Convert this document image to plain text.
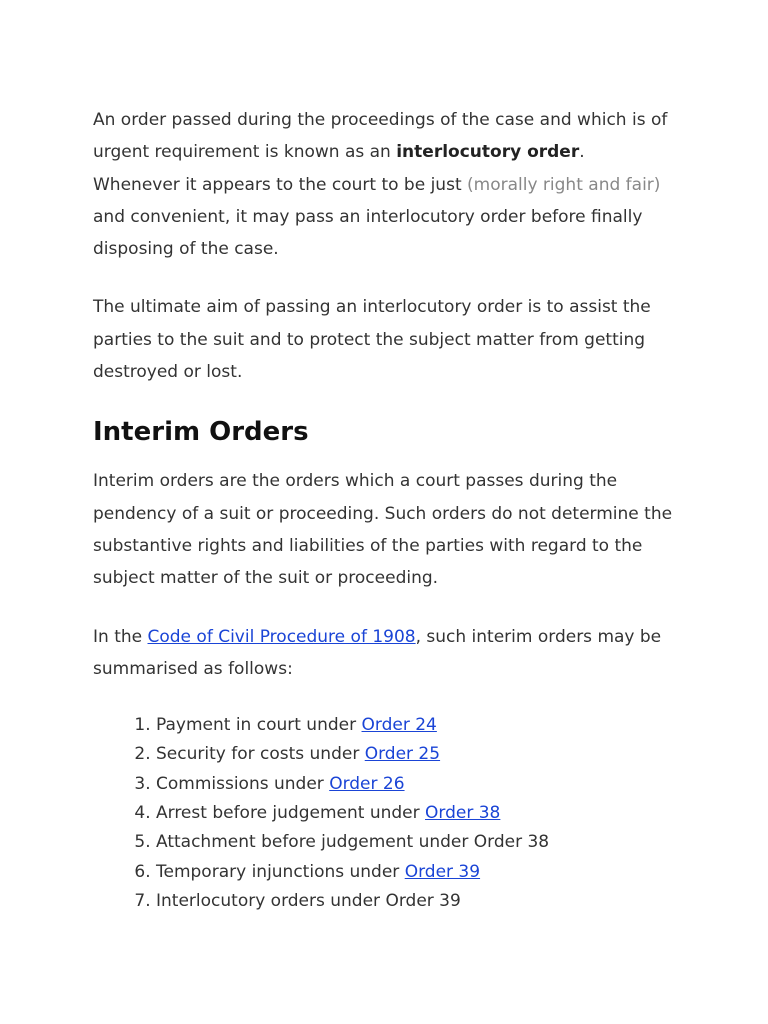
An order passed during the proceedings of the case and which is of urgent requirement is known as an interlocutory order. Whenever it appears to the court to be just (morally right and fair) and convenient, it may pass an interlocutory order before finally disposing of the case.

The ultimate aim of passing an interlocutory order is to assist the parties to the suit and to protect the subject matter from getting destroyed or lost.

Interim Orders

Interim orders are the orders which a court passes during the pendency of a suit or proceeding. Such orders do not determine the substantive rights and liabilities of the parties with regard to the subject matter of the suit or proceeding.

In the Code of Civil Procedure of 1908, such interim orders may be summarised as follows:

1. Payment in court under Order 24
2. Security for costs under Order 25
3. Commissions under Order 26
4. Arrest before judgement under Order 38
5. Attachment before judgement under Order 38
6. Temporary injunctions under Order 39
7. Interlocutory orders under Order 39
